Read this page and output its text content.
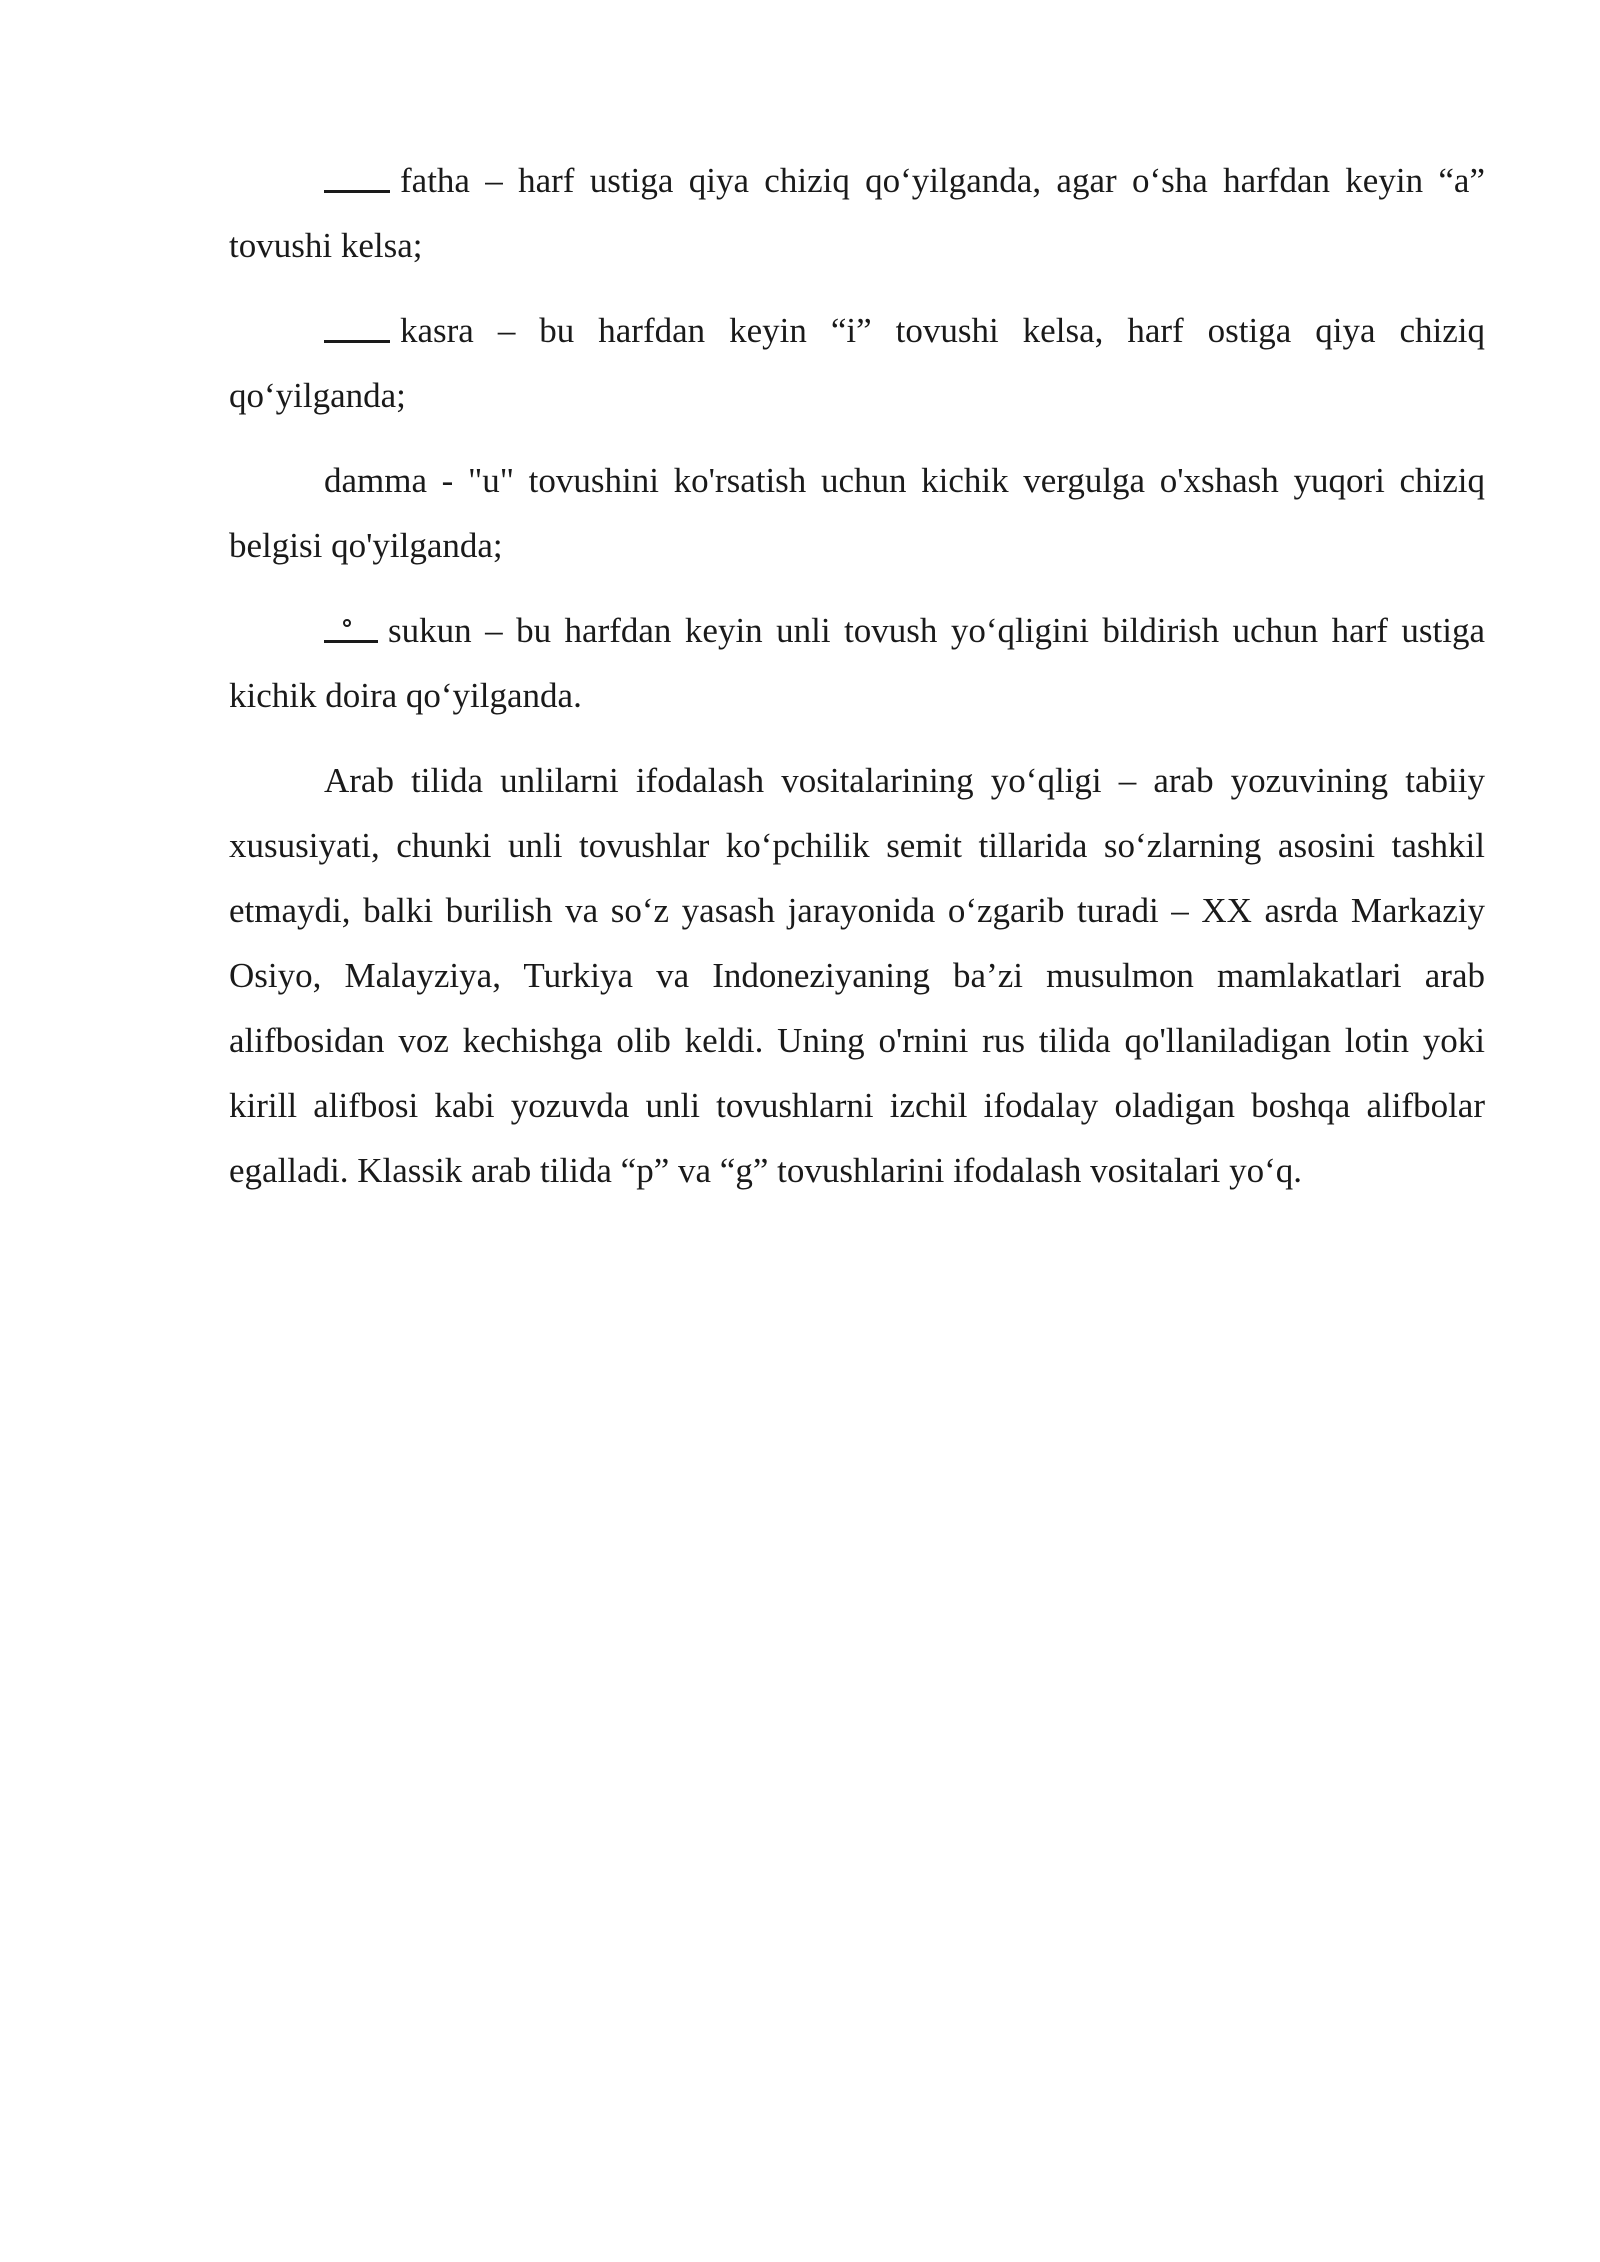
fatha – harf ustiga qiya chiziq qo‘yilganda, agar o‘sha harfdan keyin “a” tovushi kelsa;

kasra – bu harfdan keyin “i” tovushi kelsa, harf ostiga qiya chiziq qo‘yilganda;

damma - "u" tovushini ko'rsatish uchun kichik vergulga o'xshash yuqori chiziq belgisi qo'yilganda;

sukun – bu harfdan keyin unli tovush yo‘qligini bildirish uchun harf ustiga kichik doira qo‘yilganda.

Arab tilida unlilarni ifodalash vositalarining yo‘qligi – arab yozuvining tabiiy xususiyati, chunki unli tovushlar ko‘pchilik semit tillarida so‘zlarning asosini tashkil etmaydi, balki burilish va so‘z yasash jarayonida o‘zgarib turadi – XX asrda Markaziy Osiyo, Malayziya, Turkiya va Indoneziyaning ba’zi musulmon mamlakatlari arab alifbosidan voz kechishga olib keldi. Uning o'rnini rus tilida qo'llaniladigan lotin yoki kirill alifbosi kabi yozuvda unli tovushlarni izchil ifodalay oladigan boshqa alifbolar egalladi. Klassik arab tilida “p” va “g” tovushlarini ifodalash vositalari yo‘q.
